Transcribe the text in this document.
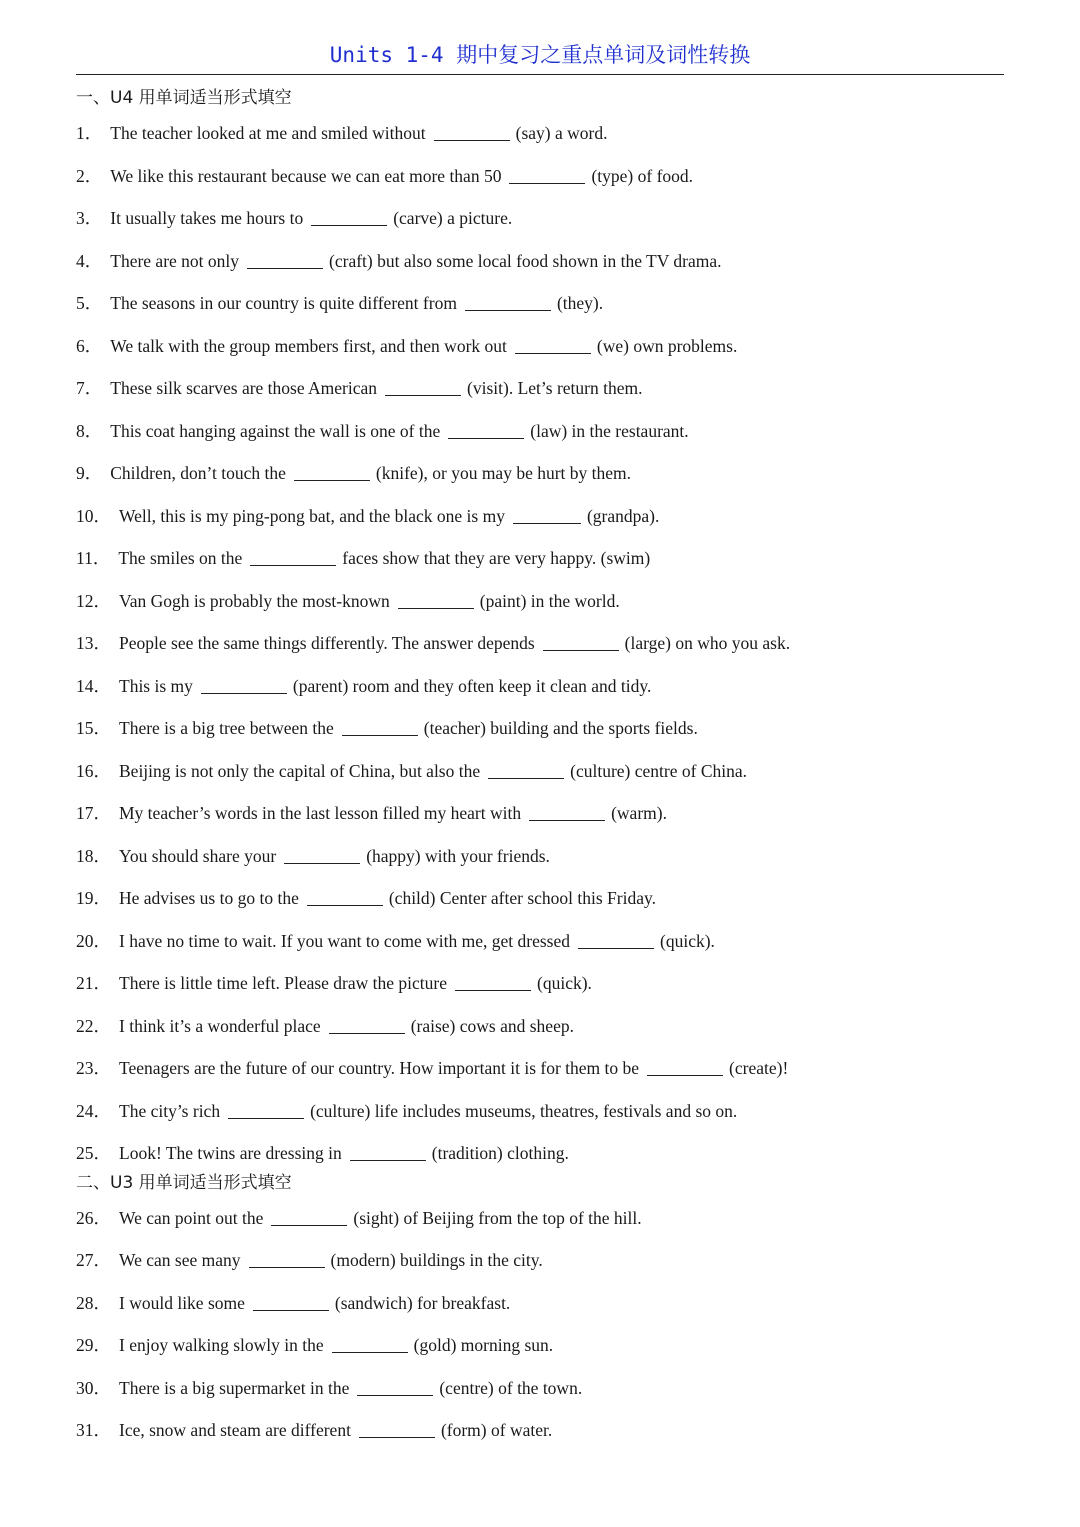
Units 1-4 期中复习之重点单词及词性转换
一、U4 用单词适当形式填空
1． The teacher looked at me and smiled without	(say) a word.
2． We like this restaurant because we can eat more than 50	(type) of food.
3． It usually takes me hours to	(carve) a picture.
4． There are not only	(craft) but also some local food shown in the TV drama.
5． The seasons in our country is quite different from	(they).
6． We talk with the group members first, and then work out	(we) own problems.
7． These silk scarves are those American	(visit). Let’s return them.
8． This coat hanging against the wall is one of the	(law) in the restaurant.
9． Children, don’t touch the	(knife), or you may be hurt by them.
10． Well, this is my ping-pong bat, and the black one is my	(grandpa).
11． The smiles on the	faces show that they are very happy. (swim)
12． Van Gogh is probably the most-known	(paint) in the world.
13． People see the same things differently. The answer depends	(large) on who you ask.
14． This is my	(parent) room and they often keep it clean and tidy.
15． There is a big tree between the	(teacher) building and the sports fields.
16． Beijing is not only the capital of China, but also the	(culture) centre of China.
17． My teacher’s words in the last lesson filled my heart with	(warm).
18． You should share your	(happy) with your friends.
19． He advises us to go to the	(child) Center after school this Friday.
20． I have no time to wait. If you want to come with me, get dressed	(quick).
21． There is little time left. Please draw the picture	(quick).
22． I think it’s a wonderful place	(raise) cows and sheep.
23． Teenagers are the future of our country. How important it is for them to be	(create)!
24． The city’s rich	(culture) life includes museums, theatres, festivals and so on.
25． Look! The twins are dressing in	(tradition) clothing.
二、U3 用单词适当形式填空
26． We can point out the	(sight) of Beijing from the top of the hill.
27． We can see many	(modern) buildings in the city.
28． I would like some	(sandwich) for breakfast.
29． I enjoy walking slowly in the	(gold) morning sun.
30． There is a big supermarket in the	(centre) of the town.
31． Ice, snow and steam are different	(form) of water.
